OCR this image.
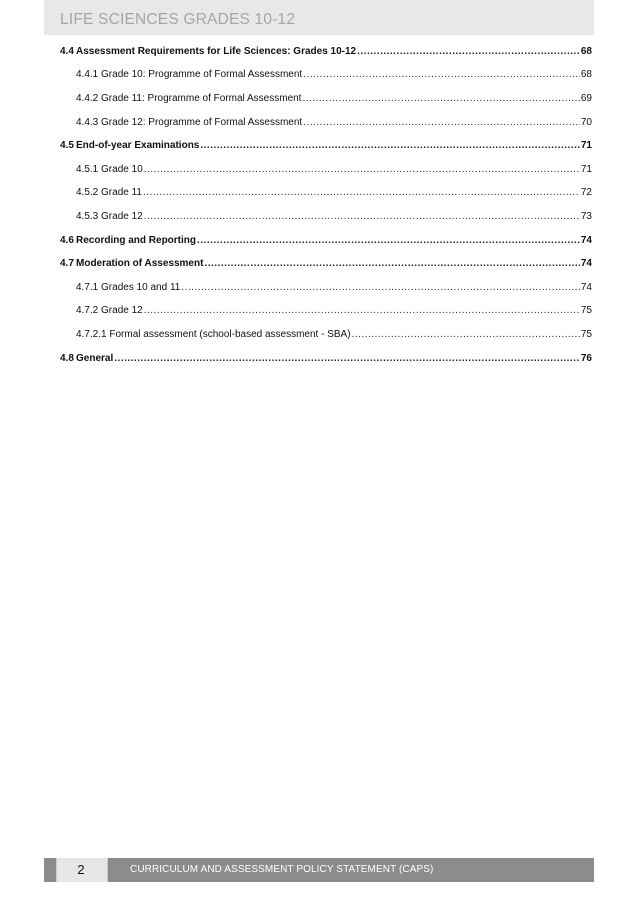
LIFE SCIENCES GRADES 10-12
4.4 Assessment Requirements for Life Sciences: Grades 10-12 .....	68
4.4.1 Grade 10: Programme of Formal Assessment .....	68
4.4.2 Grade 11: Programme of Formal Assessment .....	69
4.4.3 Grade 12: Programme of Formal Assessment .....	70
4.5 End-of-year Examinations .....	71
4.5.1 Grade 10 .....	71
4.5.2 Grade 11 .....	72
4.5.3 Grade 12 .....	73
4.6 Recording and Reporting .....	74
4.7 Moderation of Assessment .....	74
4.7.1 Grades 10 and 11 .....	74
4.7.2 Grade 12 .....	75
4.7.2.1 Formal assessment (school-based assessment - SBA) .....	75
4.8 General .....	76
2	CURRICULUM AND ASSESSMENT POLICY STATEMENT (CAPS)
